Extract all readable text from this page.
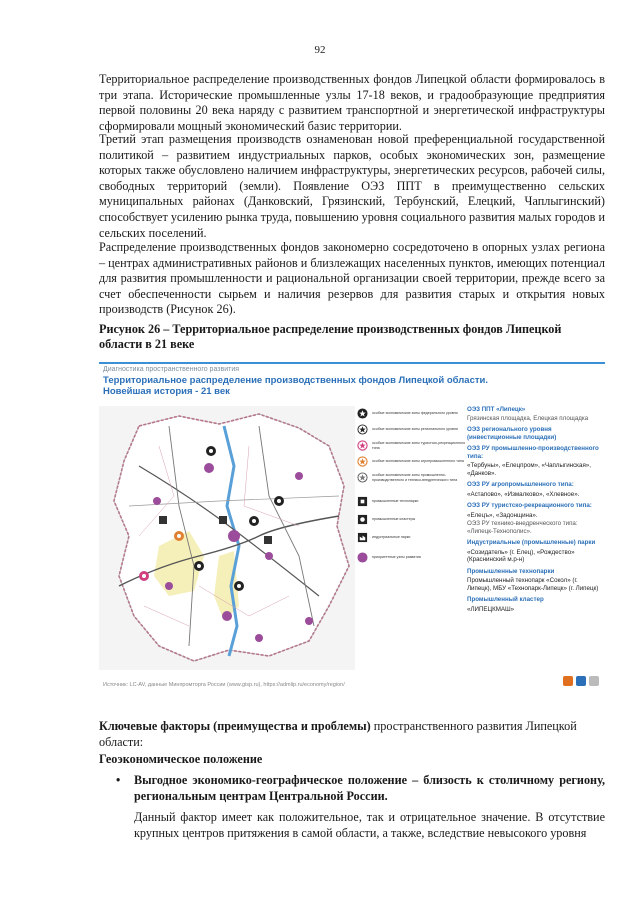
92

Территориальное распределение производственных фондов Липецкой области формировалось в три этапа. Исторические промышленные узлы 17-18 веков, и градообразующие предприятия первой половины 20 века наряду с развитием транспортной и энергетической инфраструктуры сформировали мощный экономический базис территории.

Третий этап размещения производств ознаменован новой преференциальной государственной политикой – развитием индустриальных парков, особых экономических зон, размещение которых также обусловлено наличием инфраструктуры, энергетических ресурсов, рабочей силы, свободных территорий (земли). Появление ОЭЗ ППТ в преимущественно сельских муниципальных районах (Данковский, Грязинский, Тербунский, Елецкий, Чаплыгинский) способствует усилению рынка труда, повышению уровня социального развития малых городов и сельских поселений.

Распределение производственных фондов закономерно сосредоточено в опорных узлах региона – центрах административных районов и близлежащих населенных пунктов, имеющих потенциал для развития промышленности и рациональной организации своей территории, прежде всего за счет обеспеченности сырьем и наличия резервов для развития старых и открытия новых производств (Рисунок 26).

Рисунок 26 – Территориальное распределение производственных фондов Липецкой области в 21 веке
Диагностика пространственного развития
Территориальное распределение производственных фондов Липецкой области.
Новейшая история - 21 век
особые экономические зоны федерального уровня
особые экономические зоны регионального уровня
особые экономические зоны туристско-рекреационного типа
особые экономические зоны агропромышленного типа
особые экономические зоны промышленно-производственного и технико-внедренческого типа
промышленные технопарки
промышленные кластеры
индустриальные парки
приоритетные узлы развития
ОЭЗ ППТ «Липецк»
Грязинская площадка, Елецкая площадка
ОЭЗ регионального уровня (инвестиционные площадки)
ОЭЗ РУ промышленно-производственного типа:
«Тербуны», «Елецпром», «Чаплыгинская», «Данков».
ОЭЗ РУ агропромышленного типа:
«Астапово», «Измалково», «Хлевное».
ОЭЗ РУ туристско-рекреационного типа:
«Елецъ», «Задонщина».
ОЭЗ РУ технико-внедренческого типа: «Липецк-Технополис».
Индустриальные (промышленные) парки
«Созидатель» (г. Елец), «Рождество» (Краснинский м.р-н)
Промышленные технопарки
Промышленный технопарк «Сокол» (г. Липецк), МБУ «Технопарк-Липецк» (г. Липецк)
Промышленный кластер
«ЛИПЕЦКМАШ»
Источник: LC-AV, данные Минпромторга России (www.gisp.ru), https://admlip.ru/economy/region/
Ключевые факторы (преимущества и проблемы) пространственного развития Липецкой области:
Геоэкономическое положение
• Выгодное экономико-географическое положение – близость к столичному региону, региональным центрам Центральной России.
Данный фактор имеет как положительное, так и отрицательное значение. В отсутствие крупных центров притяжения в самой области, а также, вследствие невысокого уровня
